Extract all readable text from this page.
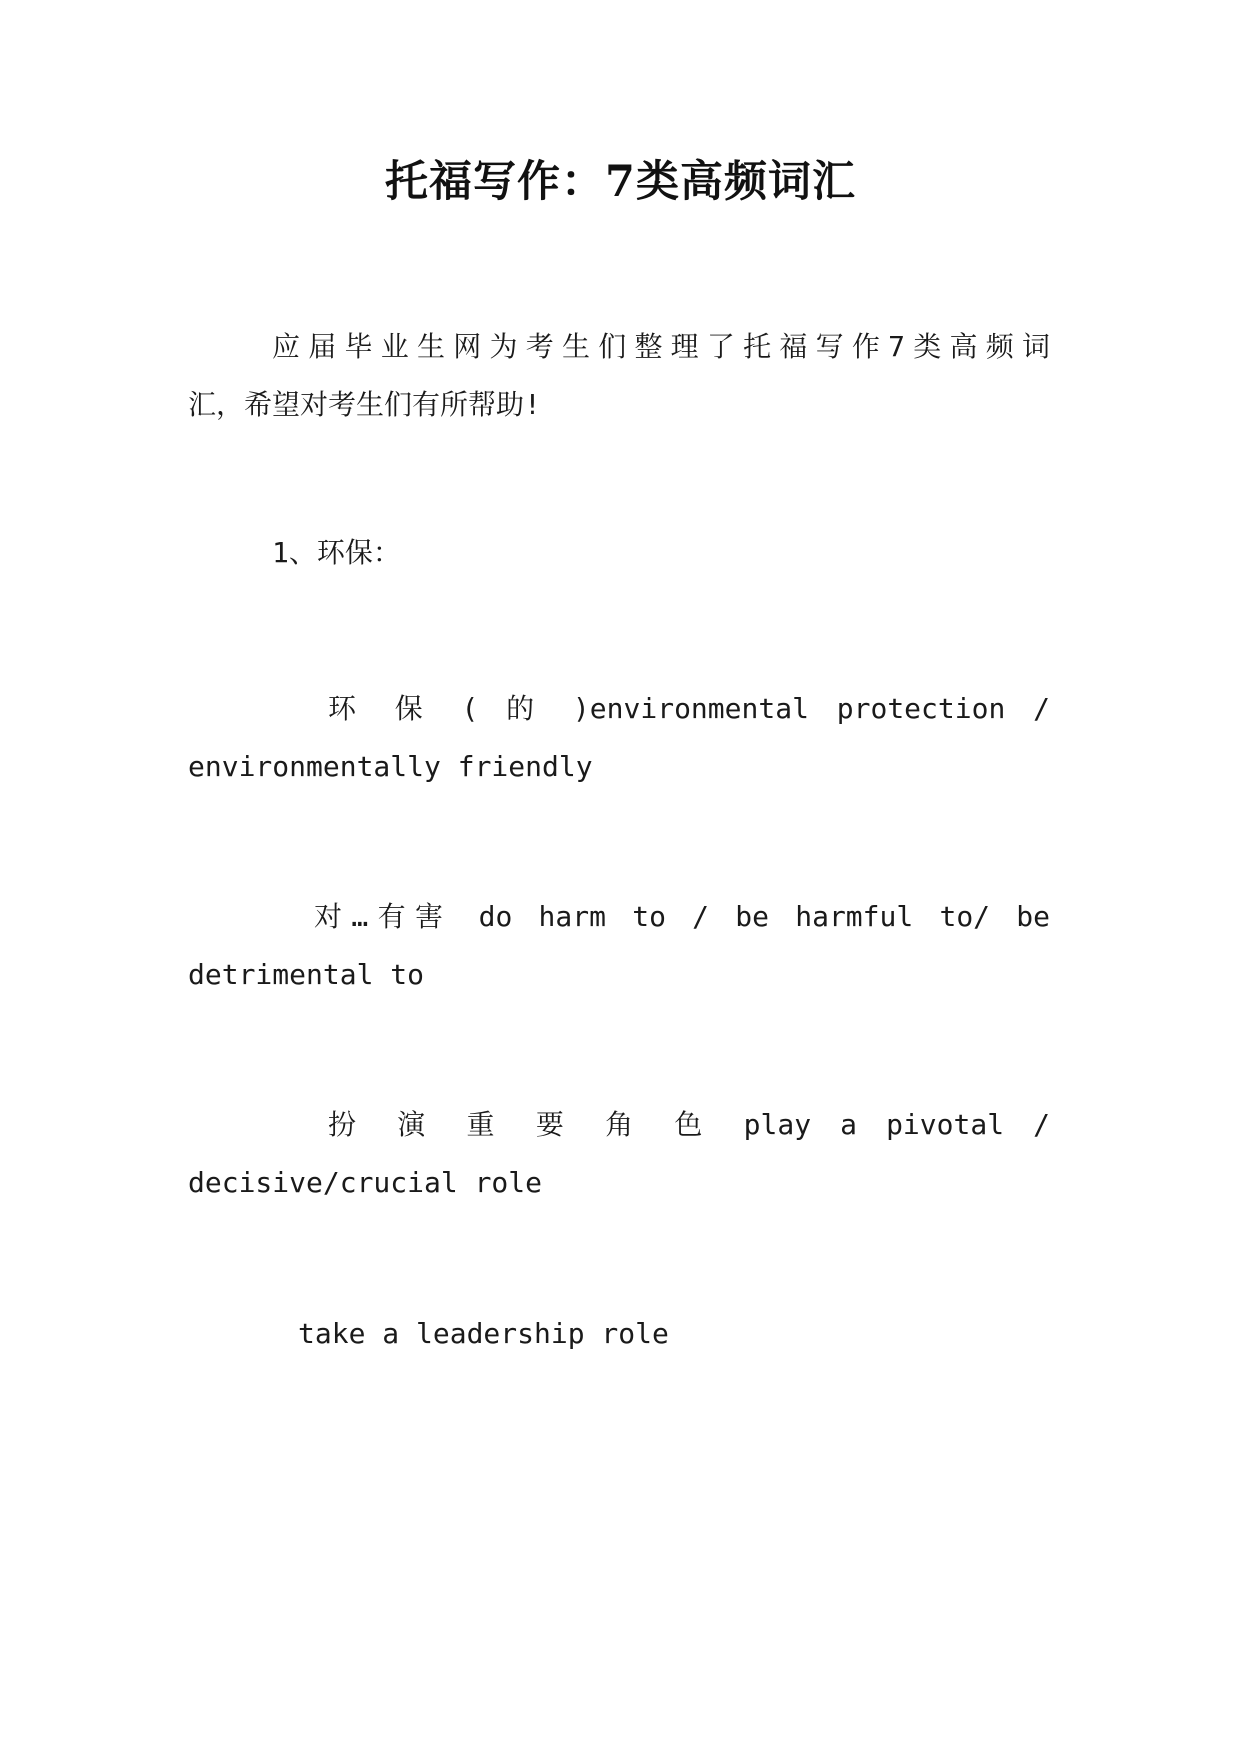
托福写作：7类高频词汇
应届毕业生网为考生们整理了托福写作7类高频词
汇，希望对考生们有所帮助!
1、环保：
环 保 ( 的 )environmental protection /
environmentally friendly
对…有害 do harm to / be harmful to/ be
detrimental to
扮 演 重 要 角 色 play a pivotal /
decisive/crucial role
take a leadership role
